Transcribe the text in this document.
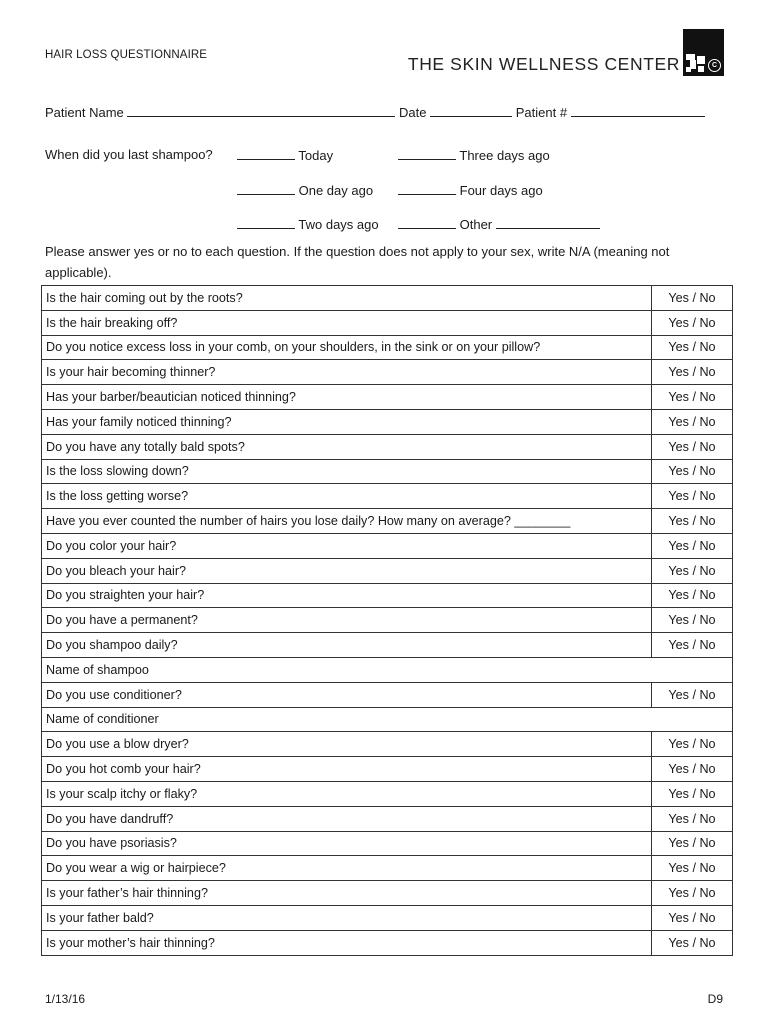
HAIR LOSS QUESTIONNAIRE	THE SKIN WELLNESS CENTER	C
Patient Name	Date	Patient #
When did you last shampoo?	Today	Three days ago
One day ago	Four days ago
Two days ago	Other
Please answer yes or no to each question. If the question does not apply to your sex, write N/A (meaning not applicable).
Is the hair coming out by the roots?	Yes / No
Is the hair breaking off?	Yes / No
Do you notice excess loss in your comb, on your shoulders, in the sink or on your pillow?	Yes / No
Is your hair becoming thinner?	Yes / No
Has your barber/beautician noticed thinning?	Yes / No
Has your family noticed thinning?	Yes / No
Do you have any totally bald spots?	Yes / No
Is the loss slowing down?	Yes / No
Is the loss getting worse?	Yes / No
Have you ever counted the number of hairs you lose daily? How many on average? ________	Yes / No
Do you color your hair?	Yes / No
Do you bleach your hair?	Yes / No
Do you straighten your hair?	Yes / No
Do you have a permanent?	Yes / No
Do you shampoo daily?	Yes / No
Name of shampoo	
Do you use conditioner?	Yes / No
Name of conditioner	
Do you use a blow dryer?	Yes / No
Do you hot comb your hair?	Yes / No
Is your scalp itchy or flaky?	Yes / No
Do you have dandruff?	Yes / No
Do you have psoriasis?	Yes / No
Do you wear a wig or hairpiece?	Yes / No
Is your father’s hair thinning?	Yes / No
Is your father bald?	Yes / No
Is your mother’s hair thinning?	Yes / No
1/13/16	D9
